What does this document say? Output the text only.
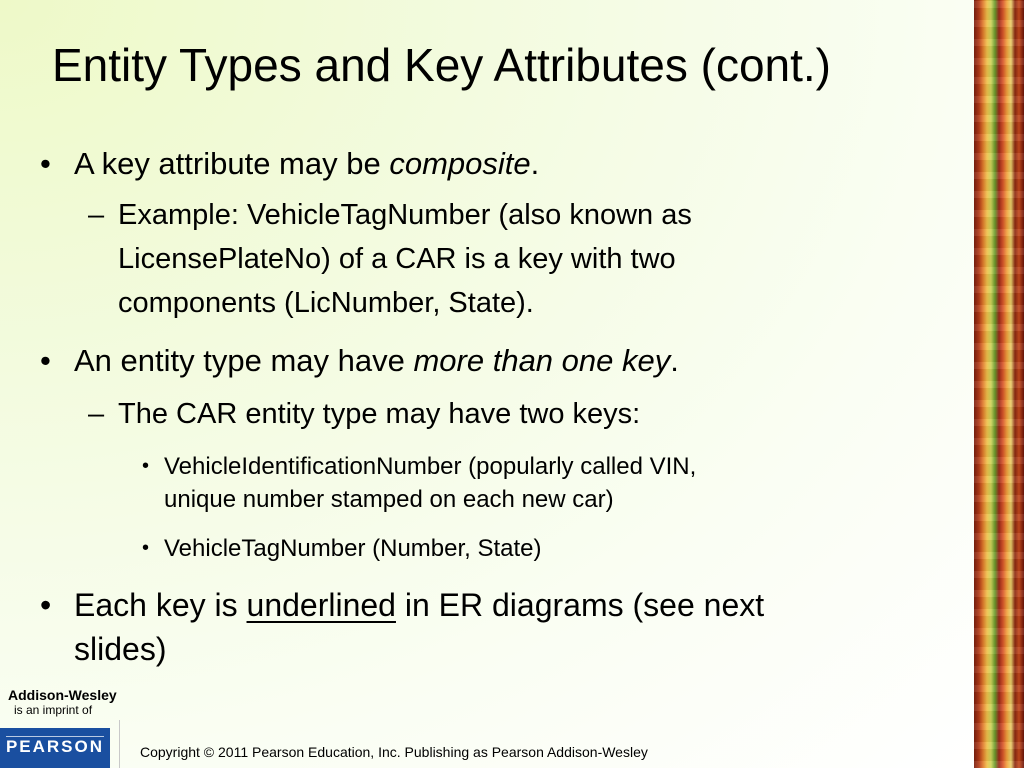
Entity Types and Key Attributes (cont.)
• A key attribute may be composite.
– Example: VehicleTagNumber (also known as
LicensePlateNo) of a CAR is a key with two
components (LicNumber, State).
• An entity type may have more than one key.
– The CAR entity type may have two keys:
• VehicleIdentificationNumber (popularly called VIN,
unique number stamped on each new car)
• VehicleTagNumber (Number, State)
• Each key is underlined in ER diagrams (see next
slides)
Addison-Wesley
is an imprint of
PEARSON	Copyright © 2011 Pearson Education, Inc. Publishing as Pearson Addison-Wesley
